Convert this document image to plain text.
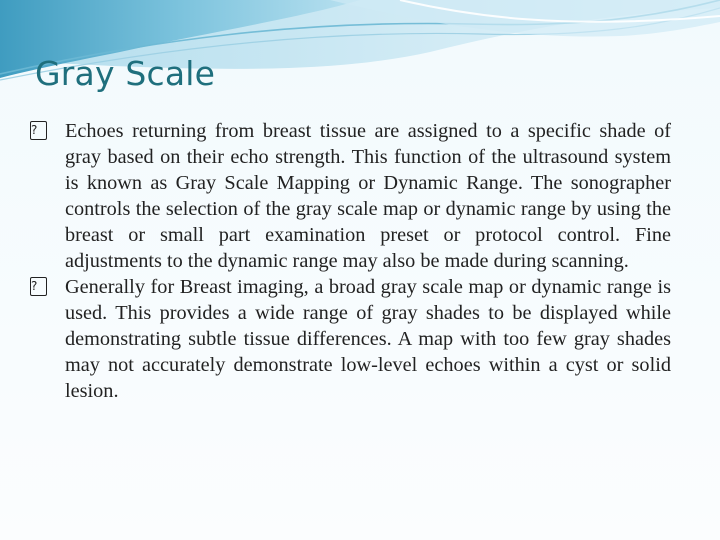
Gray Scale

?	Echoes returning from breast tissue are assigned to a specific shade of gray based on their echo strength. This function of the ultrasound system is known as Gray Scale Mapping or Dynamic Range. The sonographer controls the selection of the gray scale map or dynamic range by using the breast or small part examination preset or protocol control. Fine adjustments to the dynamic range may also be made during scanning.

?	Generally for Breast imaging, a broad gray scale map or dynamic range is used. This provides a wide range of gray shades to be displayed while demonstrating subtle tissue differences. A map with too few gray shades may not accurately demonstrate low-level echoes within a cyst or solid lesion.
